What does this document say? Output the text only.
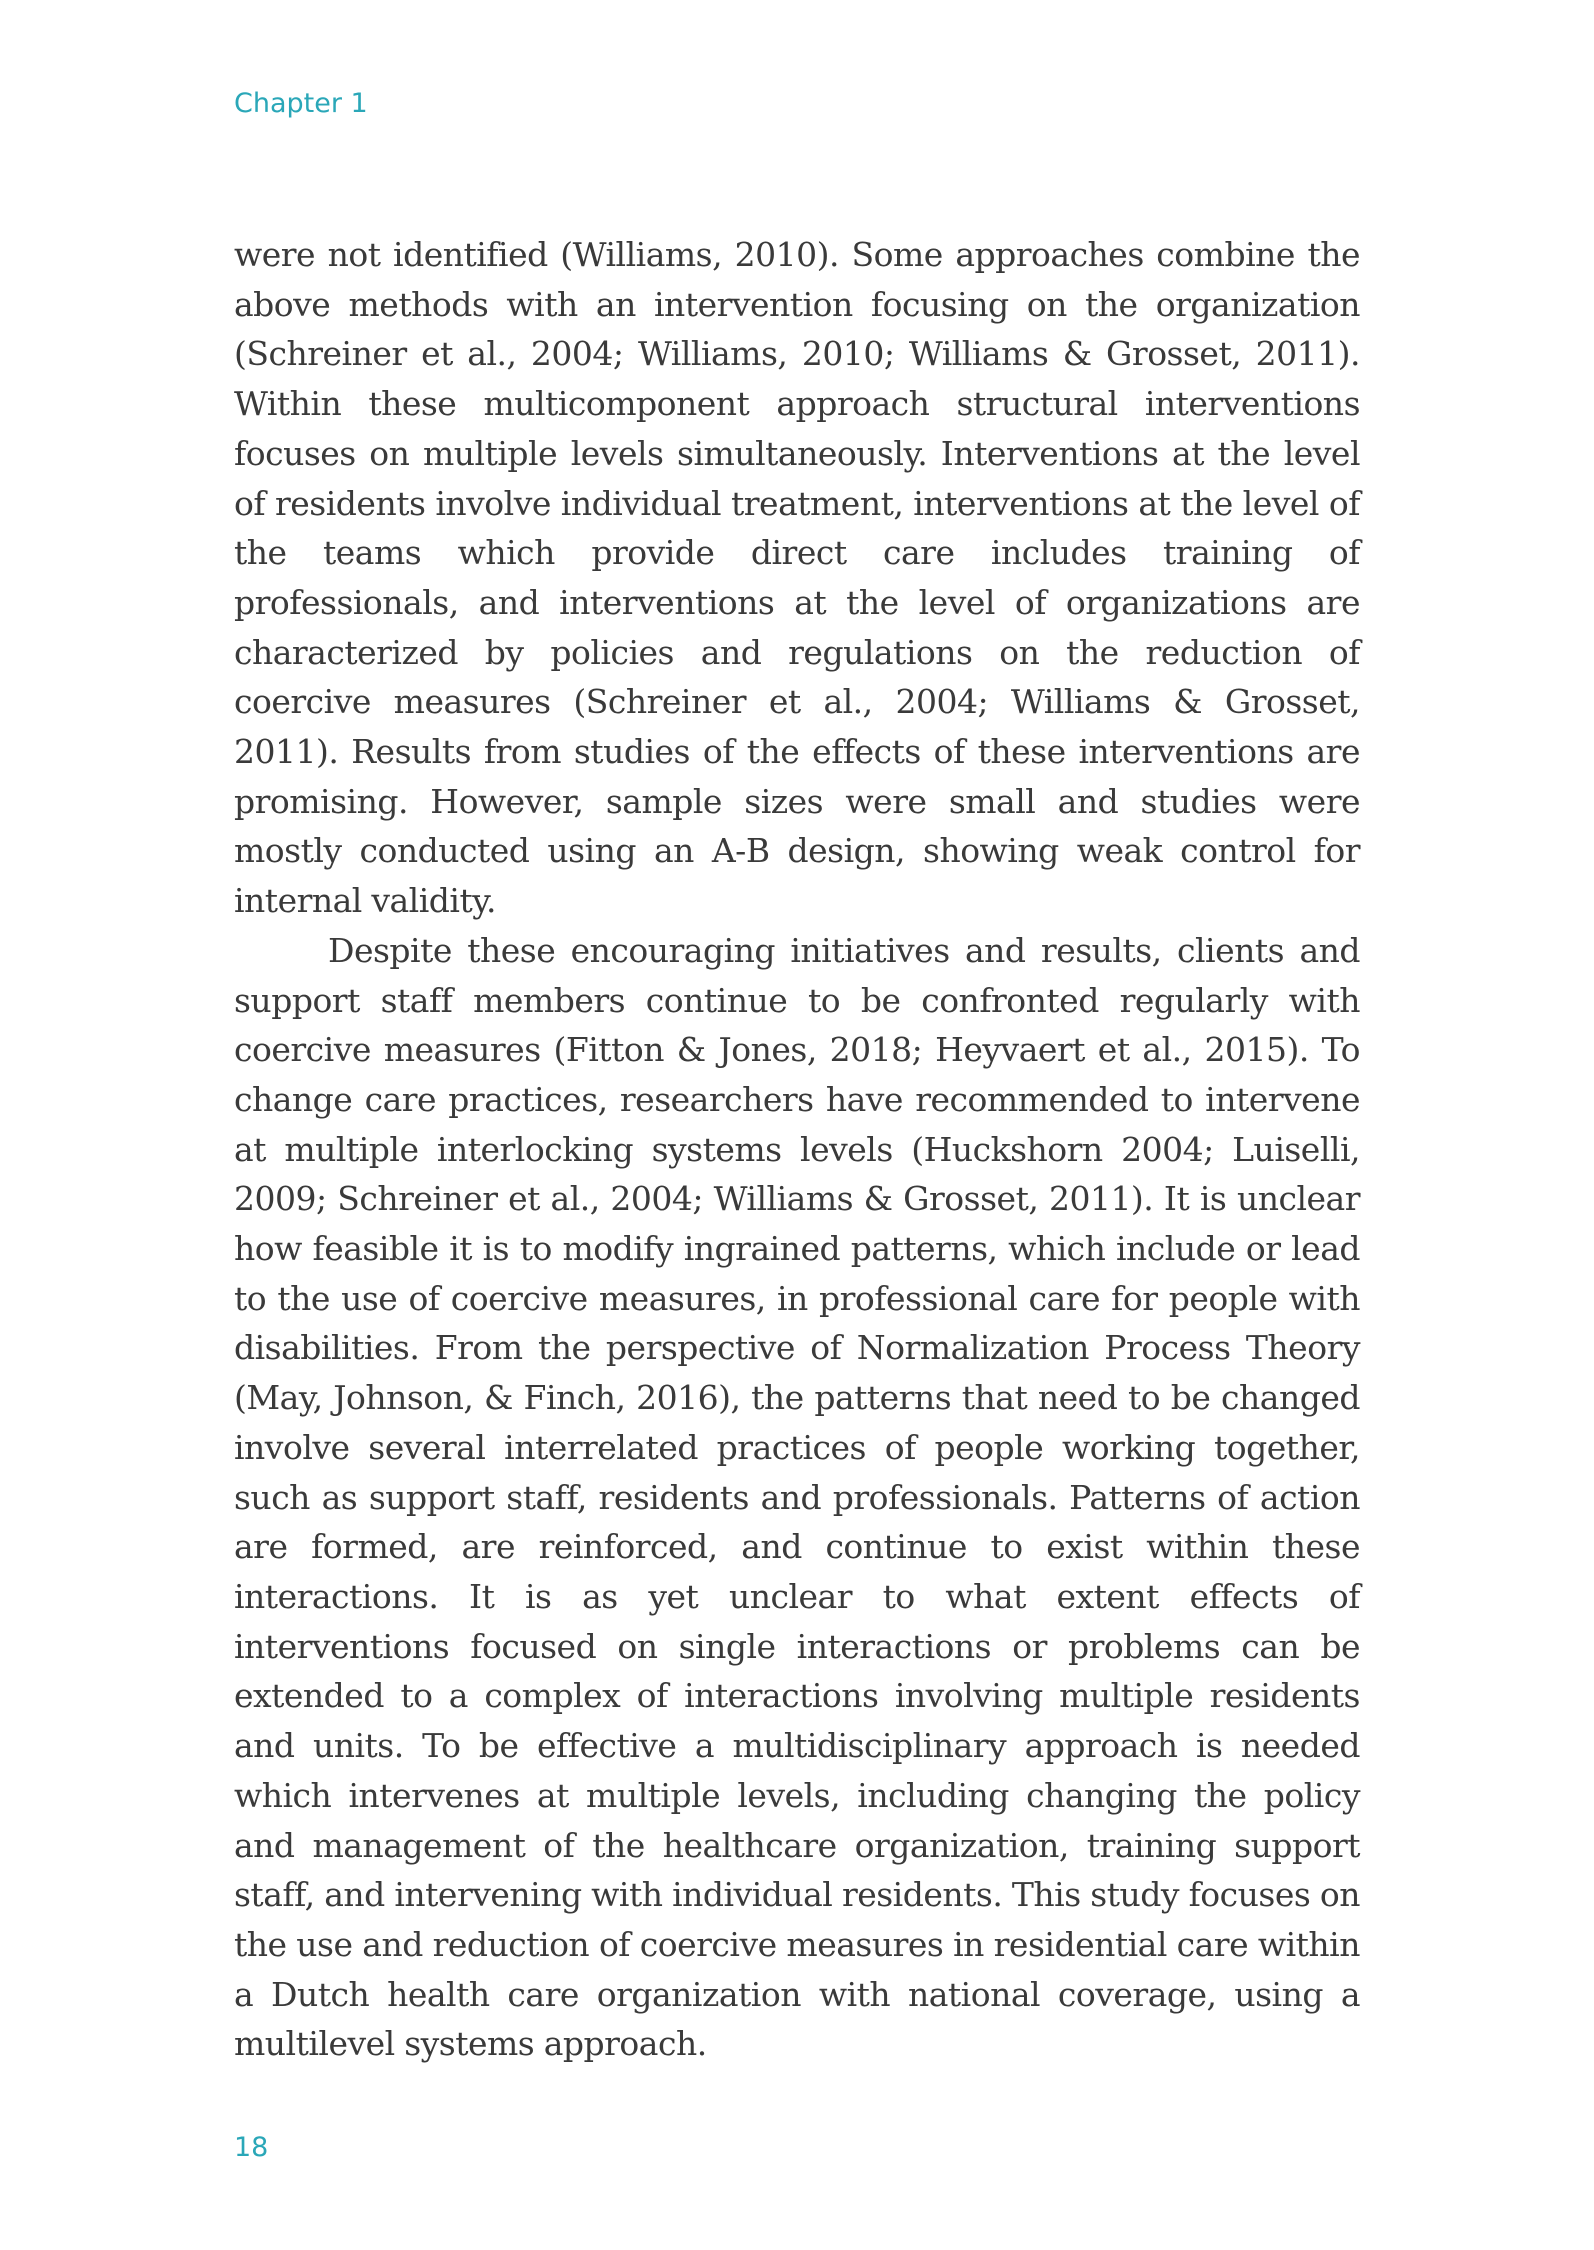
Chapter 1

were not identified (Williams, 2010). Some approaches combine the above methods with an intervention focusing on the organization (Schreiner et al., 2004; Williams, 2010; Williams & Grosset, 2011). Within these multicomponent approach structural interventions focuses on multiple levels simultaneously. Interventions at the level of residents involve individual treatment, interventions at the level of the teams which provide direct care includes training of professionals, and interventions at the level of organizations are characterized by policies and regulations on the reduction of coercive measures (Schreiner et al., 2004; Williams & Grosset, 2011). Results from studies of the effects of these interventions are promising. However, sample sizes were small and studies were mostly conducted using an A-B design, showing weak control for internal validity.

Despite these encouraging initiatives and results, clients and support staff members continue to be confronted regularly with coercive measures (Fitton & Jones, 2018; Heyvaert et al., 2015). To change care practices, researchers have recommended to intervene at multiple interlocking systems levels (Huckshorn 2004; Luiselli, 2009; Schreiner et al., 2004; Williams & Grosset, 2011). It is unclear how feasible it is to modify ingrained patterns, which include or lead to the use of coercive measures, in professional care for people with disabilities. From the perspective of Normalization Process Theory (May, Johnson, & Finch, 2016), the patterns that need to be changed involve several interrelated practices of people working together, such as support staff, residents and professionals. Patterns of action are formed, are reinforced, and continue to exist within these interactions. It is as yet unclear to what extent effects of interventions focused on single interactions or problems can be extended to a complex of interactions involving multiple residents and units. To be effective a multidisciplinary approach is needed which intervenes at multiple levels, including changing the policy and management of the healthcare organization, training support staff, and intervening with individual residents. This study focuses on the use and reduction of coercive measures in residential care within a Dutch health care organization with national coverage, using a multilevel systems approach.

18
